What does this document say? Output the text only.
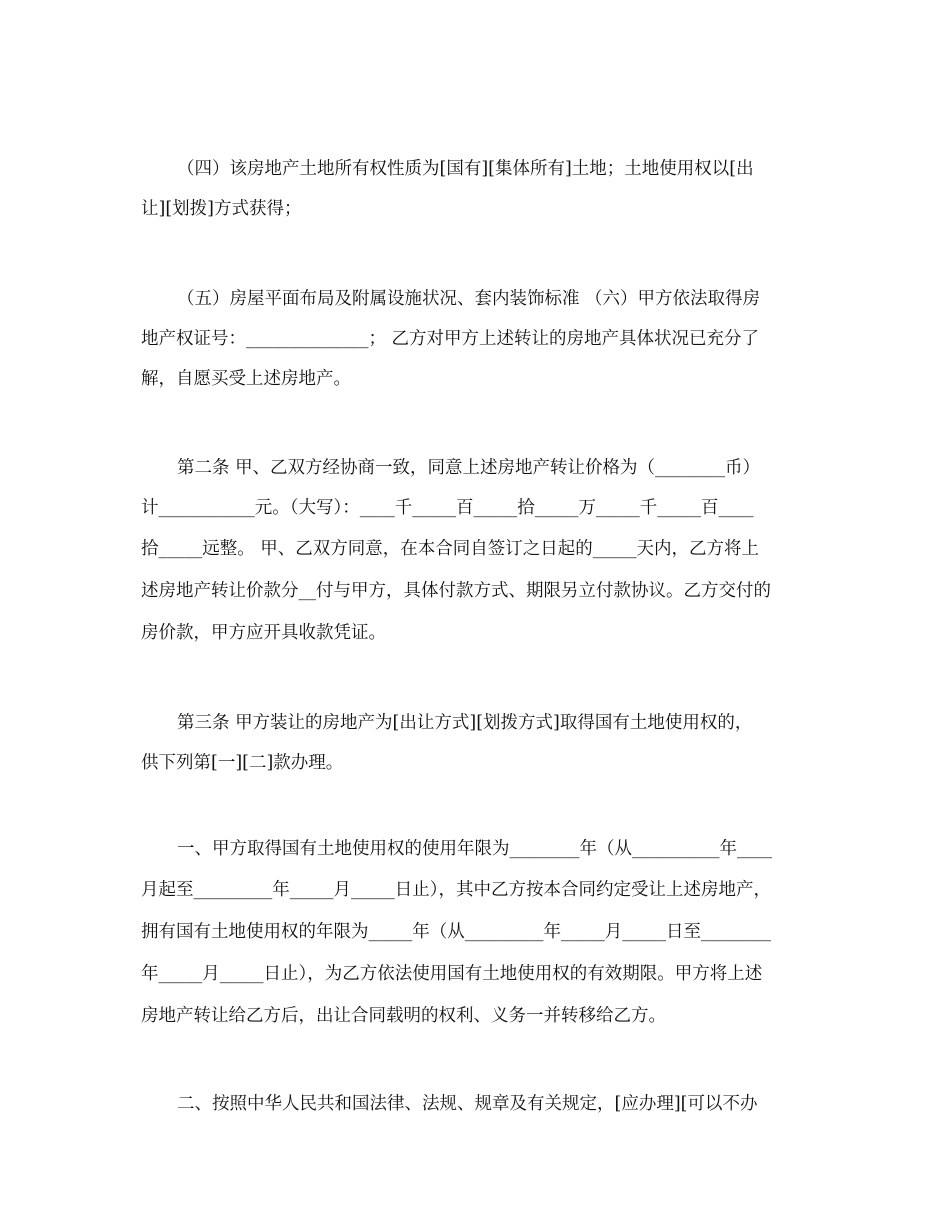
（四）该房地产土地所有权性质为[国有][集体所有]土地；土地使用权以[出
让][划拨]方式获得；
（五）房屋平面布局及附属设施状况、套内装饰标准 （六）甲方依法取得房
地产权证号：______________； 乙方对甲方上述转让的房地产具体状况已充分了
解，自愿买受上述房地产。
第二条 甲、乙双方经协商一致，同意上述房地产转让价格为（________币）
计___________元。（大写）：____千_____百_____拾_____万_____千_____百____
拾_____远整。 甲、乙双方同意，在本合同自签订之日起的_____天内，乙方将上
述房地产转让价款分__付与甲方，具体付款方式、期限另立付款协议。乙方交付的
房价款，甲方应开具收款凭证。
第三条 甲方装让的房地产为[出让方式][划拨方式]取得国有土地使用权的，
供下列第[一][二]款办理。
一、甲方取得国有土地使用权的使用年限为________年（从__________年____
月起至_________年_____月_____日止），其中乙方按本合同约定受让上述房地产，
拥有国有土地使用权的年限为_____年（从_________年_____月_____日至________
年_____月_____日止），为乙方依法使用国有土地使用权的有效期限。甲方将上述
房地产转让给乙方后，出让合同载明的权利、义务一并转移给乙方。
二、按照中华人民共和国法律、法规、规章及有关规定，[应办理][可以不办
